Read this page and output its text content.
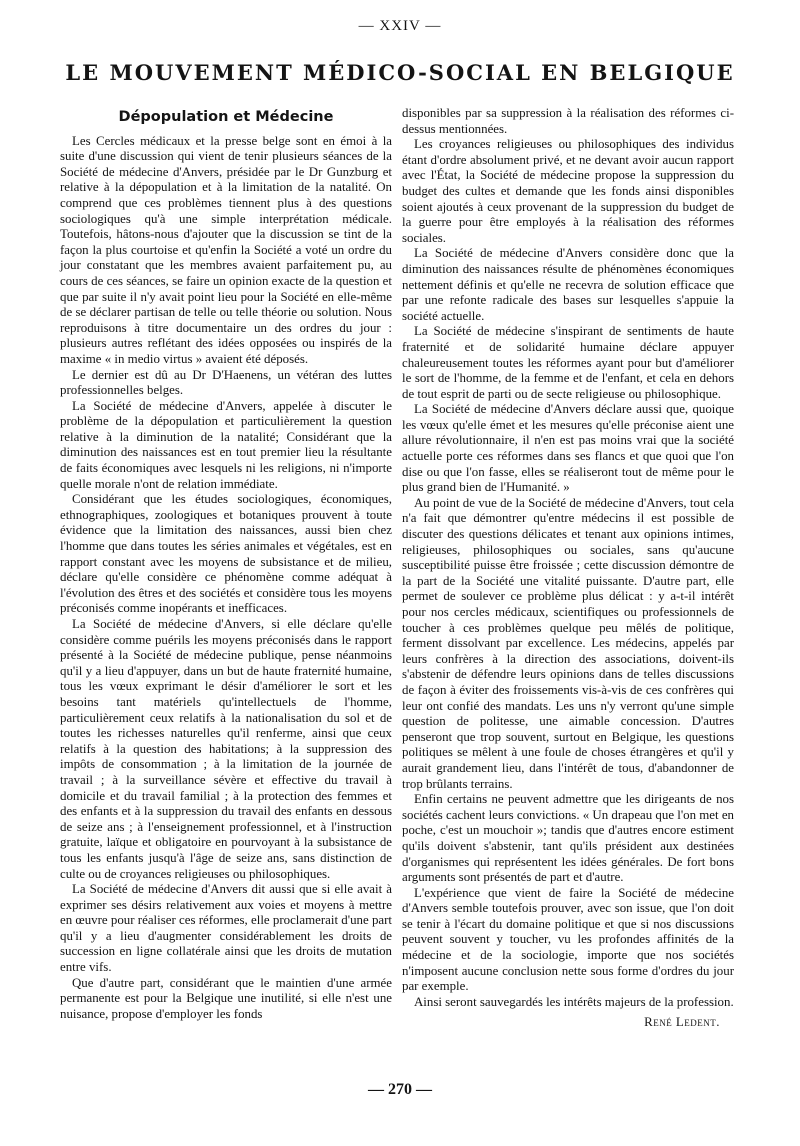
— XXIV —
LE MOUVEMENT MÉDICO-SOCIAL EN BELGIQUE
Dépopulation et Médecine

Les Cercles médicaux et la presse belge sont en émoi à la suite d'une discussion qui vient de tenir plusieurs séances de la Société de médecine d'Anvers, présidée par le Dr Gunzburg et relative à la dépopulation et à la limitation de la natalité. On comprend que ces problèmes tiennent plus à des questions sociologiques qu'à une simple interprétation médicale. Toutefois, hâtons-nous d'ajouter que la discussion se tint de la façon la plus courtoise et qu'enfin la Société a voté un ordre du jour constatant que les membres avaient parfaitement pu, au cours de ces séances, se faire un opinion exacte de la question et que par suite il n'y avait point lieu pour la Société en elle-même de se déclarer partisan de telle ou telle théorie ou solution. Nous reproduisons à titre documentaire un des ordres du jour : plusieurs autres reflétant des idées opposées ou inspirés de la maxime « in medio virtus » avaient été déposés.

Le dernier est dû au Dr D'Haenens, un vétéran des luttes professionnelles belges.

La Société de médecine d'Anvers, appelée à discuter le problème de la dépopulation et particulièrement la question relative à la diminution de la natalité; Considérant que la diminution des naissances est en tout premier lieu la résultante de faits économiques avec lesquels ni les religions, ni n'importe quelle morale n'ont de relation immédiate.

Considérant que les études sociologiques, économiques, ethnographiques, zoologiques et botaniques prouvent à toute évidence que la limitation des naissances, aussi bien chez l'homme que dans toutes les séries animales et végétales, est en rapport constant avec les moyens de subsistance et de milieu, déclare qu'elle considère ce phénomène comme adéquat à l'évolution des êtres et des sociétés et considère tous les moyens préconisés comme inopérants et inefficaces.

La Société de médecine d'Anvers, si elle déclare qu'elle considère comme puérils les moyens préconisés dans le rapport présenté à la Société de médecine publique, pense néanmoins qu'il y a lieu d'appuyer, dans un but de haute fraternité humaine, tous les vœux exprimant le désir d'améliorer le sort et les besoins tant matériels qu'intellectuels de l'homme, particulièrement ceux relatifs à la nationalisation du sol et de toutes les richesses naturelles qu'il renferme, ainsi que ceux relatifs à la question des habitations; à la suppression des impôts de consommation ; à la limitation de la journée de travail ; à la surveillance sévère et effective du travail à domicile et du travail familial ; à la protection des femmes et des enfants et à la suppression du travail des enfants en dessous de seize ans ; à l'enseignement professionnel, et à l'instruction gratuite, laïque et obligatoire en pourvoyant à la subsistance de tous les enfants jusqu'à l'âge de seize ans, sans distinction de culte ou de croyances religieuses ou philosophiques.

La Société de médecine d'Anvers dit aussi que si elle avait à exprimer ses désirs relativement aux voies et moyens à mettre en œuvre pour réaliser ces réformes, elle proclamerait d'une part qu'il y a lieu d'augmenter considérablement les droits de succession en ligne collatérale ainsi que les droits de mutation entre vifs.

Que d'autre part, considérant que le maintien d'une armée permanente est pour la Belgique une inutilité, si elle n'est une nuisance, propose d'employer les fonds

disponibles par sa suppression à la réalisation des réformes ci-dessus mentionnées.

Les croyances religieuses ou philosophiques des individus étant d'ordre absolument privé, et ne devant avoir aucun rapport avec l'État, la Société de médecine propose la suppression du budget des cultes et demande que les fonds ainsi disponibles soient ajoutés à ceux provenant de la suppression du budget de la guerre pour être employés à la réalisation des réformes sociales.

La Société de médecine d'Anvers considère donc que la diminution des naissances résulte de phénomènes économiques nettement définis et qu'elle ne recevra de solution efficace que par une refonte radicale des bases sur lesquelles s'appuie la société actuelle.

La Société de médecine s'inspirant de sentiments de haute fraternité et de solidarité humaine déclare appuyer chaleureusement toutes les réformes ayant pour but d'améliorer le sort de l'homme, de la femme et de l'enfant, et cela en dehors de tout esprit de parti ou de secte religieuse ou philosophique.

La Société de médecine d'Anvers déclare aussi que, quoique les vœux qu'elle émet et les mesures qu'elle préconise aient une allure révolutionnaire, il n'en est pas moins vrai que la société actuelle porte ces réformes dans ses flancs et que quoi que l'on dise ou que l'on fasse, elles se réaliseront tout de même pour le plus grand bien de l'Humanité. »

Au point de vue de la Société de médecine d'Anvers, tout cela n'a fait que démontrer qu'entre médecins il est possible de discuter des questions délicates et tenant aux opinions intimes, religieuses, philosophiques ou sociales, sans qu'aucune susceptibilité puisse être froissée ; cette discussion démontre de la part de la Société une vitalité puissante. D'autre part, elle permet de soulever ce problème plus délicat : y a-t-il intérêt pour nos cercles médicaux, scientifiques ou professionnels de toucher à ces problèmes quelque peu mêlés de politique, ferment dissolvant par excellence. Les médecins, appelés par leurs confrères à la direction des associations, doivent-ils s'abstenir de défendre leurs opinions dans de telles discussions de façon à éviter des froissements vis-à-vis de ces confrères qui leur ont confié des mandats. Les uns n'y verront qu'une simple question de politesse, une aimable concession. D'autres penseront que trop souvent, surtout en Belgique, les questions politiques se mêlent à une foule de choses étrangères et qu'il y aurait grandement lieu, dans l'intérêt de tous, d'abandonner de trop brûlants terrains.

Enfin certains ne peuvent admettre que les dirigeants de nos sociétés cachent leurs convictions. « Un drapeau que l'on met en poche, c'est un mouchoir »; tandis que d'autres encore estiment qu'ils doivent s'abstenir, tant qu'ils président aux destinées d'organismes qui représentent les idées générales. De fort bons arguments sont présentés de part et d'autre.

L'expérience que vient de faire la Société de médecine d'Anvers semble toutefois prouver, avec son issue, que l'on doit se tenir à l'écart du domaine politique et que si nos discussions peuvent souvent y toucher, vu les profondes affinités de la médecine et de la sociologie, importe que nos sociétés n'imposent aucune conclusion nette sous forme d'ordres du jour par exemple.

Ainsi seront sauvegardés les intérêts majeurs de la profession.

René Ledent.
— 270 —
